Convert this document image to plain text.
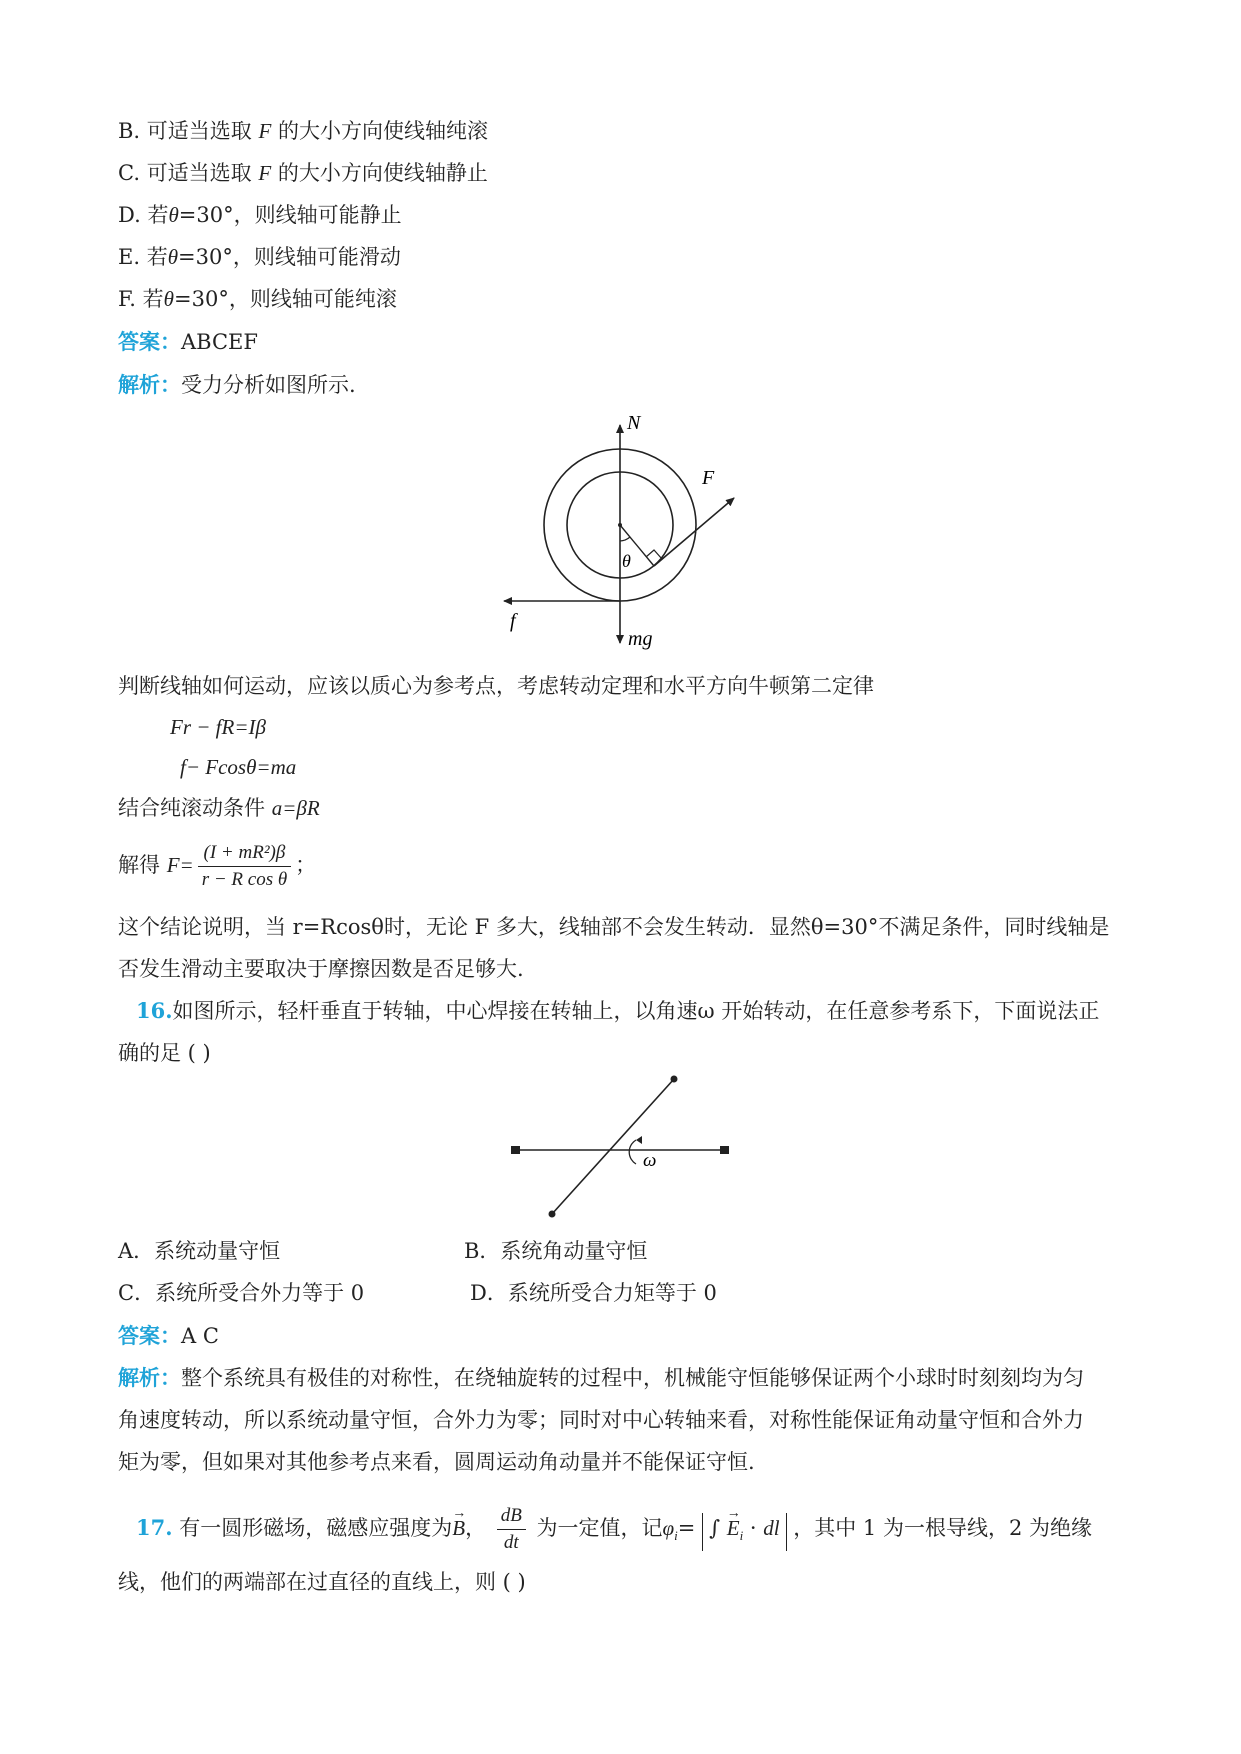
B. 可适当选取 F 的大小方向使线轴纯滚
C. 可适当选取 F 的大小方向使线轴静止
D. 若θ=30°，则线轴可能静止
E. 若θ=30°，则线轴可能滑动
F. 若θ=30°，则线轴可能纯滚
答案：ABCEF
解析：受力分析如图所示.
N
F
θ
f
mg
判断线轴如何运动，应该以质心为参考点，考虑转动定理和水平方向牛顿第二定律
Fr − fR=Iβ
f− Fcosθ=ma
结合纯滚动条件 a=βR
解得 $F= \frac{\text{(I + mR²)β}}{\text{r − R cos θ}}$ ；
这个结论说明，当 r=Rcosθ时，无论 F 多大，线轴部不会发生转动．显然θ=30°不满足条件，同时线轴是
否发生滑动主要取决于摩擦因数是否足够大.
16.如图所示，轻杆垂直于转轴，中心焊接在转轴上，以角速ω 开始转动，在任意参考系下，下面说法正
确的足 ( )
ω
A．系统动量守恒	B．系统角动量守恒
C．系统所受合外力等于 0	D．系统所受合力矩等于 0
答案：A C
解析：整个系统具有极佳的对称性，在绕轴旋转的过程中，机械能守恒能够保证两个小球时时刻刻均为匀
角速度转动，所以系统动量守恒，合外力为零；同时对中心转轴来看，对称性能保证角动量守恒和合外力
矩为零，但如果对其他参考点来看，圆周运动角动量并不能保证守恒.
17. 有一圆形磁场，磁感应强度为→ B， $\frac{dB}{dt}$ 为一定值，记$\varphi_i=$ ∫ → $E_i$ · dl ，其中 1 为一根导线，2 为绝缘
线，他们的两端部在过直径的直线上，则 ( )
